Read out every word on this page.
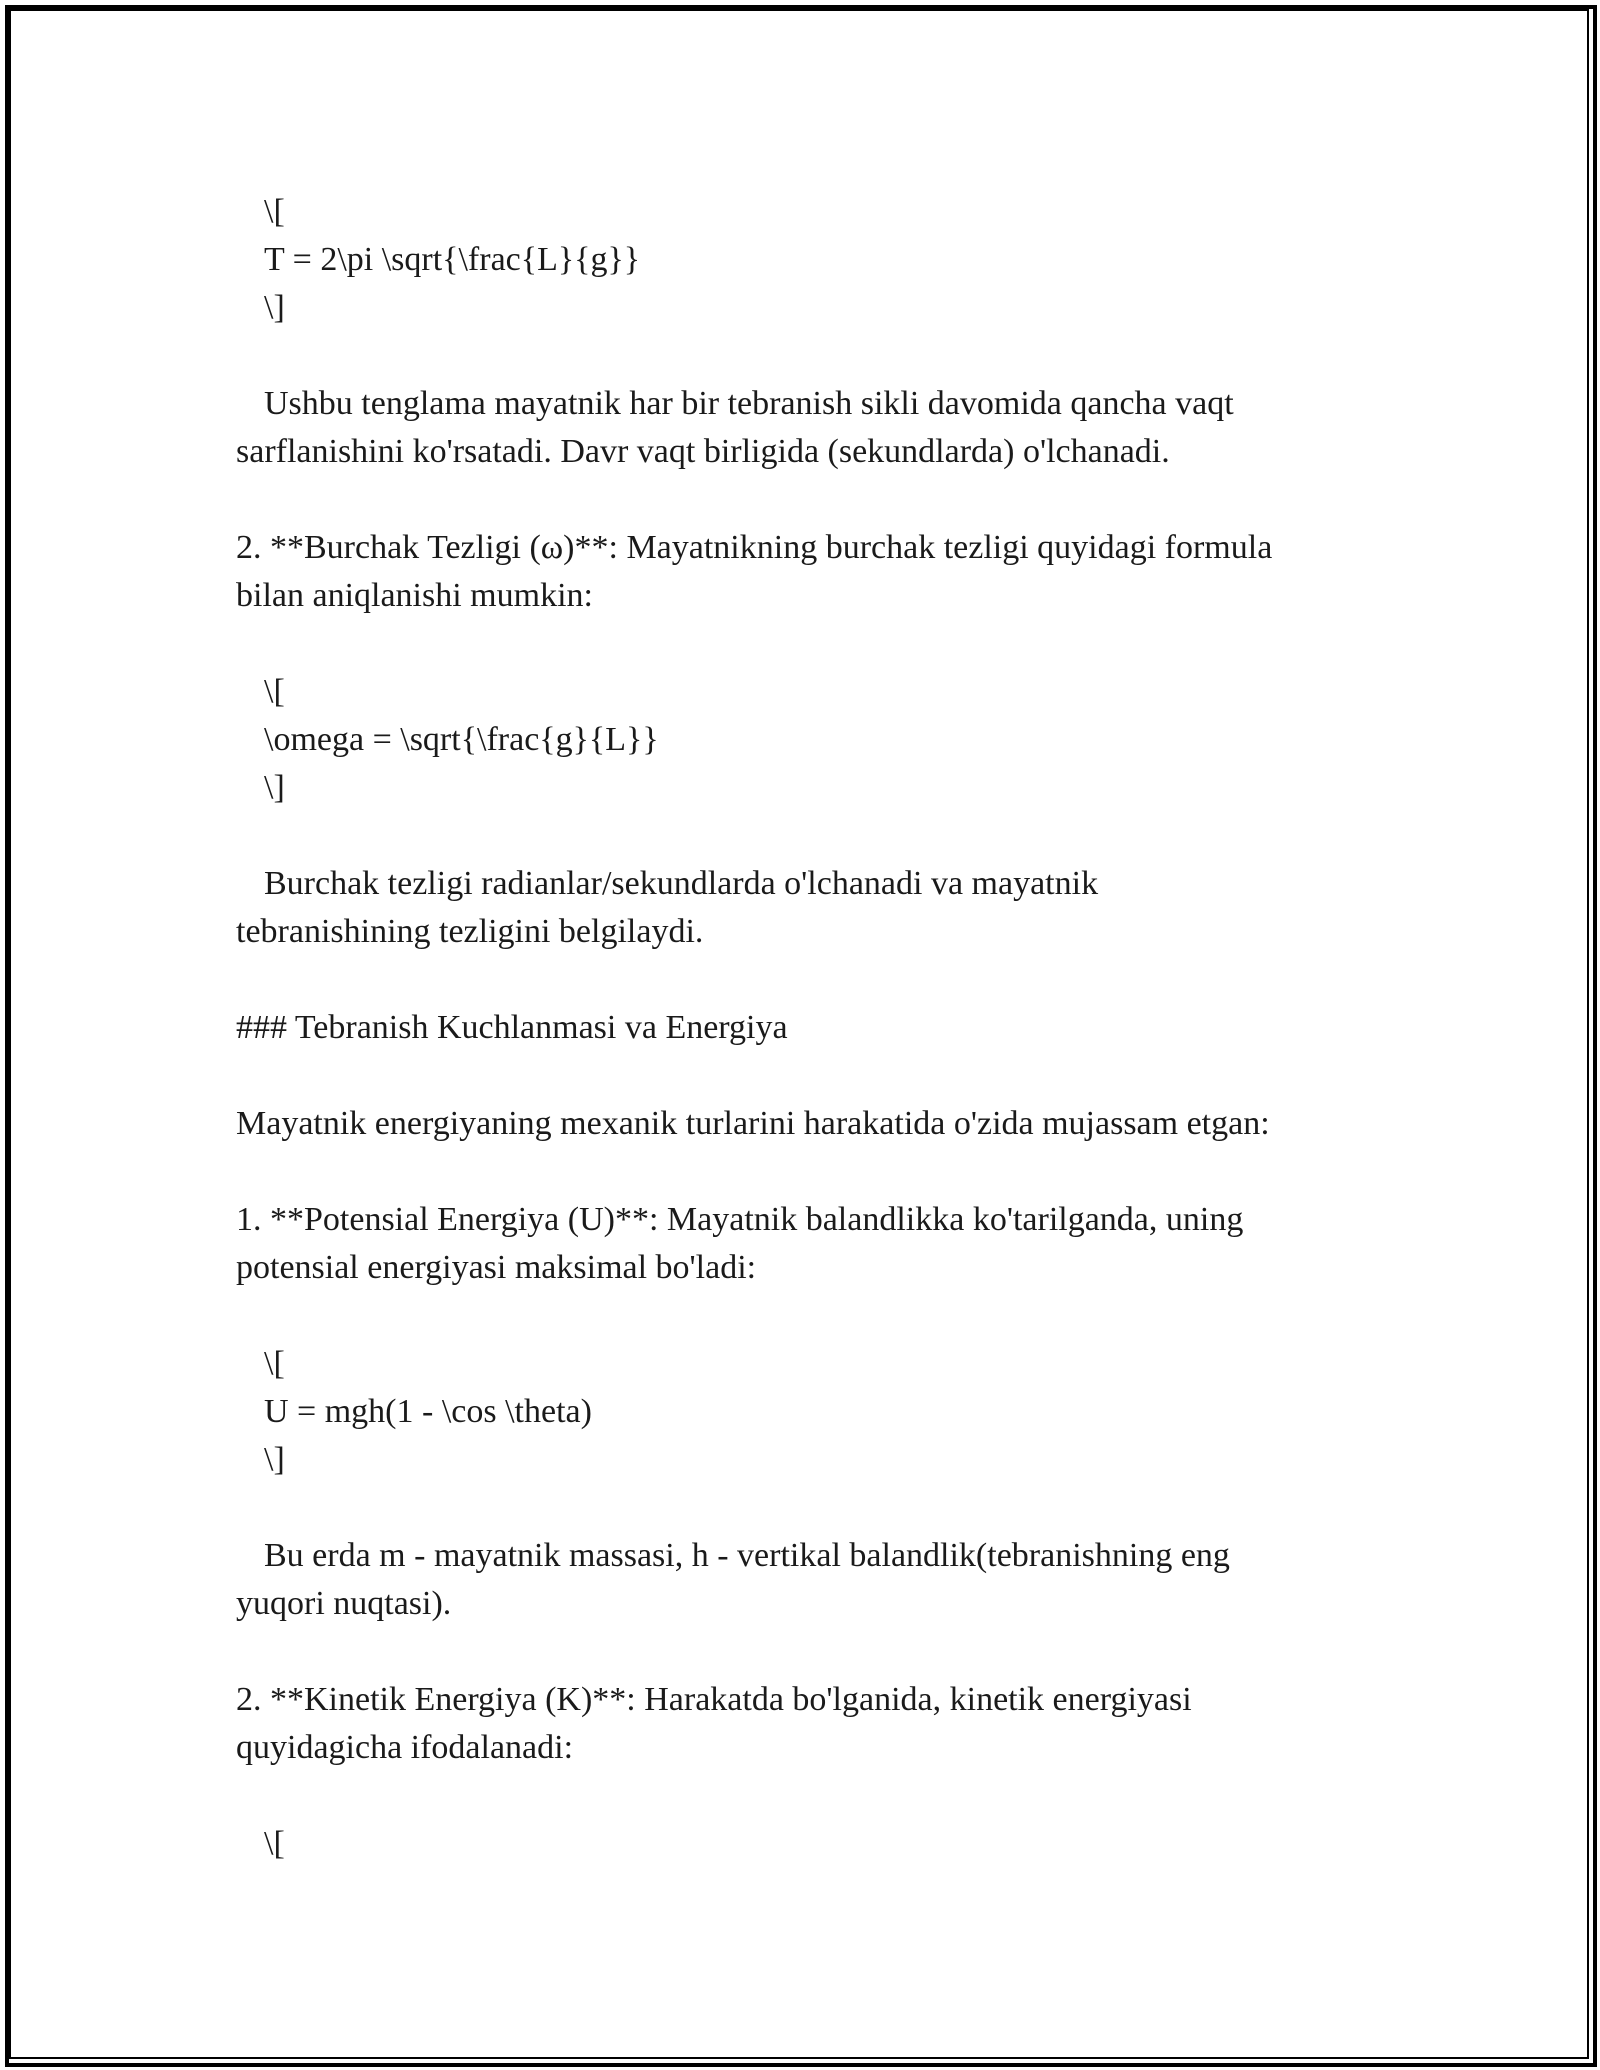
\[

T = 2\pi \sqrt{\frac{L}{g}}

\]

Ushbu tenglama mayatnik har bir tebranish sikli davomida qancha vaqt

sarflanishini ko'rsatadi. Davr vaqt birligida (sekundlarda) o'lchanadi.

2. **Burchak Tezligi (ω)**: Mayatnikning burchak tezligi quyidagi formula

bilan aniqlanishi mumkin:

\[

\omega = \sqrt{\frac{g}{L}}

\]

Burchak tezligi radianlar/sekundlarda o'lchanadi va mayatnik

tebranishining tezligini belgilaydi.

### Tebranish Kuchlanmasi va Energiya

Mayatnik energiyaning mexanik turlarini harakatida o'zida mujassam etgan:

1. **Potensial Energiya (U)**: Mayatnik balandlikka ko'tarilganda, uning

potensial energiyasi maksimal bo'ladi:

\[

U = mgh(1 - \cos \theta)

\]

Bu erda m - mayatnik massasi, h - vertikal balandlik(tebranishning eng

yuqori nuqtasi).

2. **Kinetik Energiya (K)**: Harakatda bo'lganida, kinetik energiyasi

quyidagicha ifodalanadi:

\[
